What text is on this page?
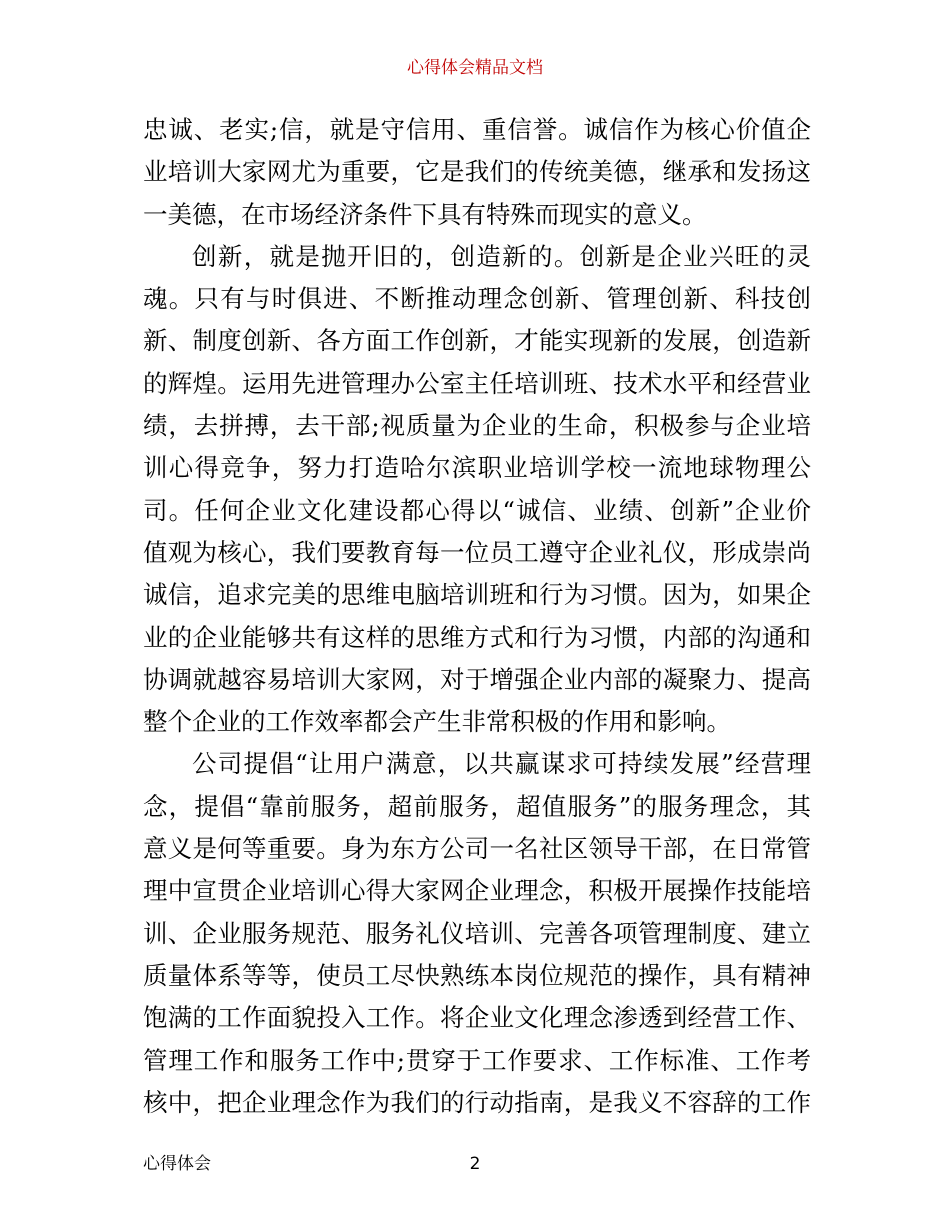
心得体会精品文档
忠诚、老实;信，就是守信用、重信誉。诚信作为核心价值企
业培训大家网尤为重要，它是我们的传统美德，继承和发扬这
一美德，在市场经济条件下具有特殊而现实的意义。
创新，就是抛开旧的，创造新的。创新是企业兴旺的灵
魂。只有与时俱进、不断推动理念创新、管理创新、科技创
新、制度创新、各方面工作创新，才能实现新的发展，创造新
的辉煌。运用先进管理办公室主任培训班、技术水平和经营业
绩，去拼搏，去干部;视质量为企业的生命，积极参与企业培
训心得竞争，努力打造哈尔滨职业培训学校一流地球物理公
司。任何企业文化建设都心得以“诚信、业绩、创新”企业价
值观为核心，我们要教育每一位员工遵守企业礼仪，形成崇尚
诚信，追求完美的思维电脑培训班和行为习惯。因为，如果企
业的企业能够共有这样的思维方式和行为习惯，内部的沟通和
协调就越容易培训大家网，对于增强企业内部的凝聚力、提高
整个企业的工作效率都会产生非常积极的作用和影响。
公司提倡“让用户满意，以共赢谋求可持续发展”经营理
念，提倡“靠前服务，超前服务，超值服务”的服务理念，其
意义是何等重要。身为东方公司一名社区领导干部，在日常管
理中宣贯企业培训心得大家网企业理念，积极开展操作技能培
训、企业服务规范、服务礼仪培训、完善各项管理制度、建立
质量体系等等，使员工尽快熟练本岗位规范的操作，具有精神
饱满的工作面貌投入工作。将企业文化理念渗透到经营工作、
管理工作和服务工作中;贯穿于工作要求、工作标准、工作考
核中，把企业理念作为我们的行动指南，是我义不容辞的工作
心得体会	2
